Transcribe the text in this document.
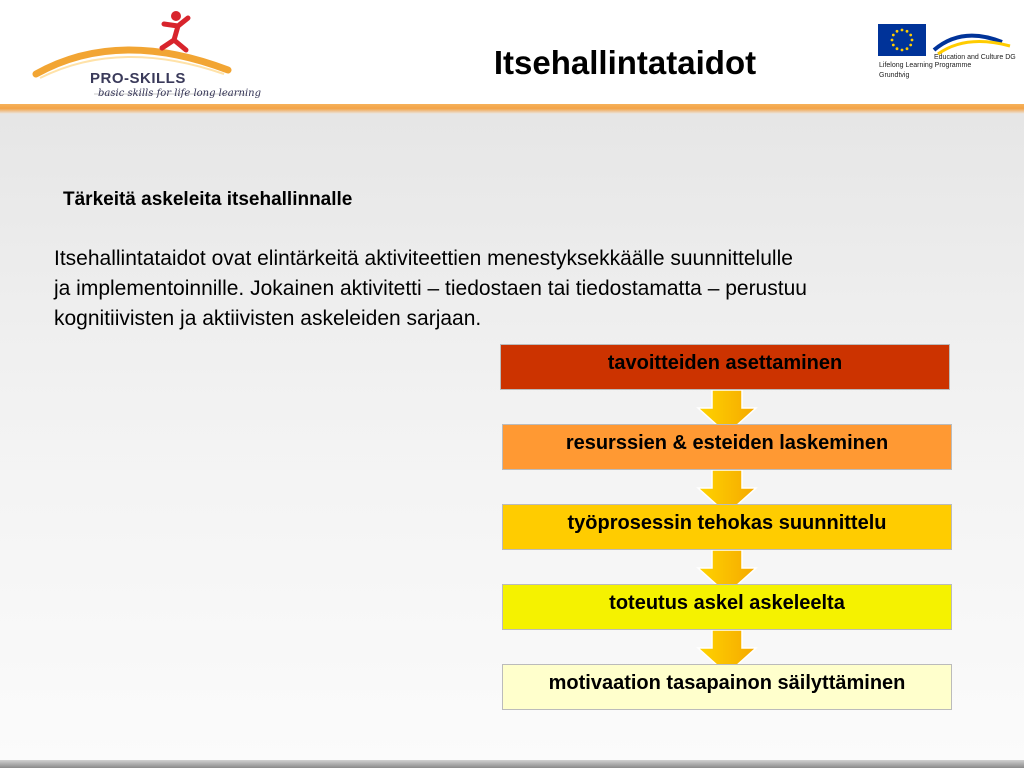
PRO-SKILLS
basic skills for life long learning
Itsehallintataidot	Education and Culture DG
Lifelong Learning Programme
Grundtvig
Tärkeitä askeleita itsehallinnalle
Itsehallintataidot ovat elintärkeitä aktiviteettien menestyksekkäälle suunnittelulle
ja implementoinnille. Jokainen aktivitetti – tiedostaen tai tiedostamatta – perustuu
kognitiivisten ja aktiivisten askeleiden sarjaan.
tavoitteiden asettaminen
resurssien & esteiden laskeminen
työprosessin tehokas suunnittelu
toteutus askel askeleelta
motivaation tasapainon säilyttäminen
